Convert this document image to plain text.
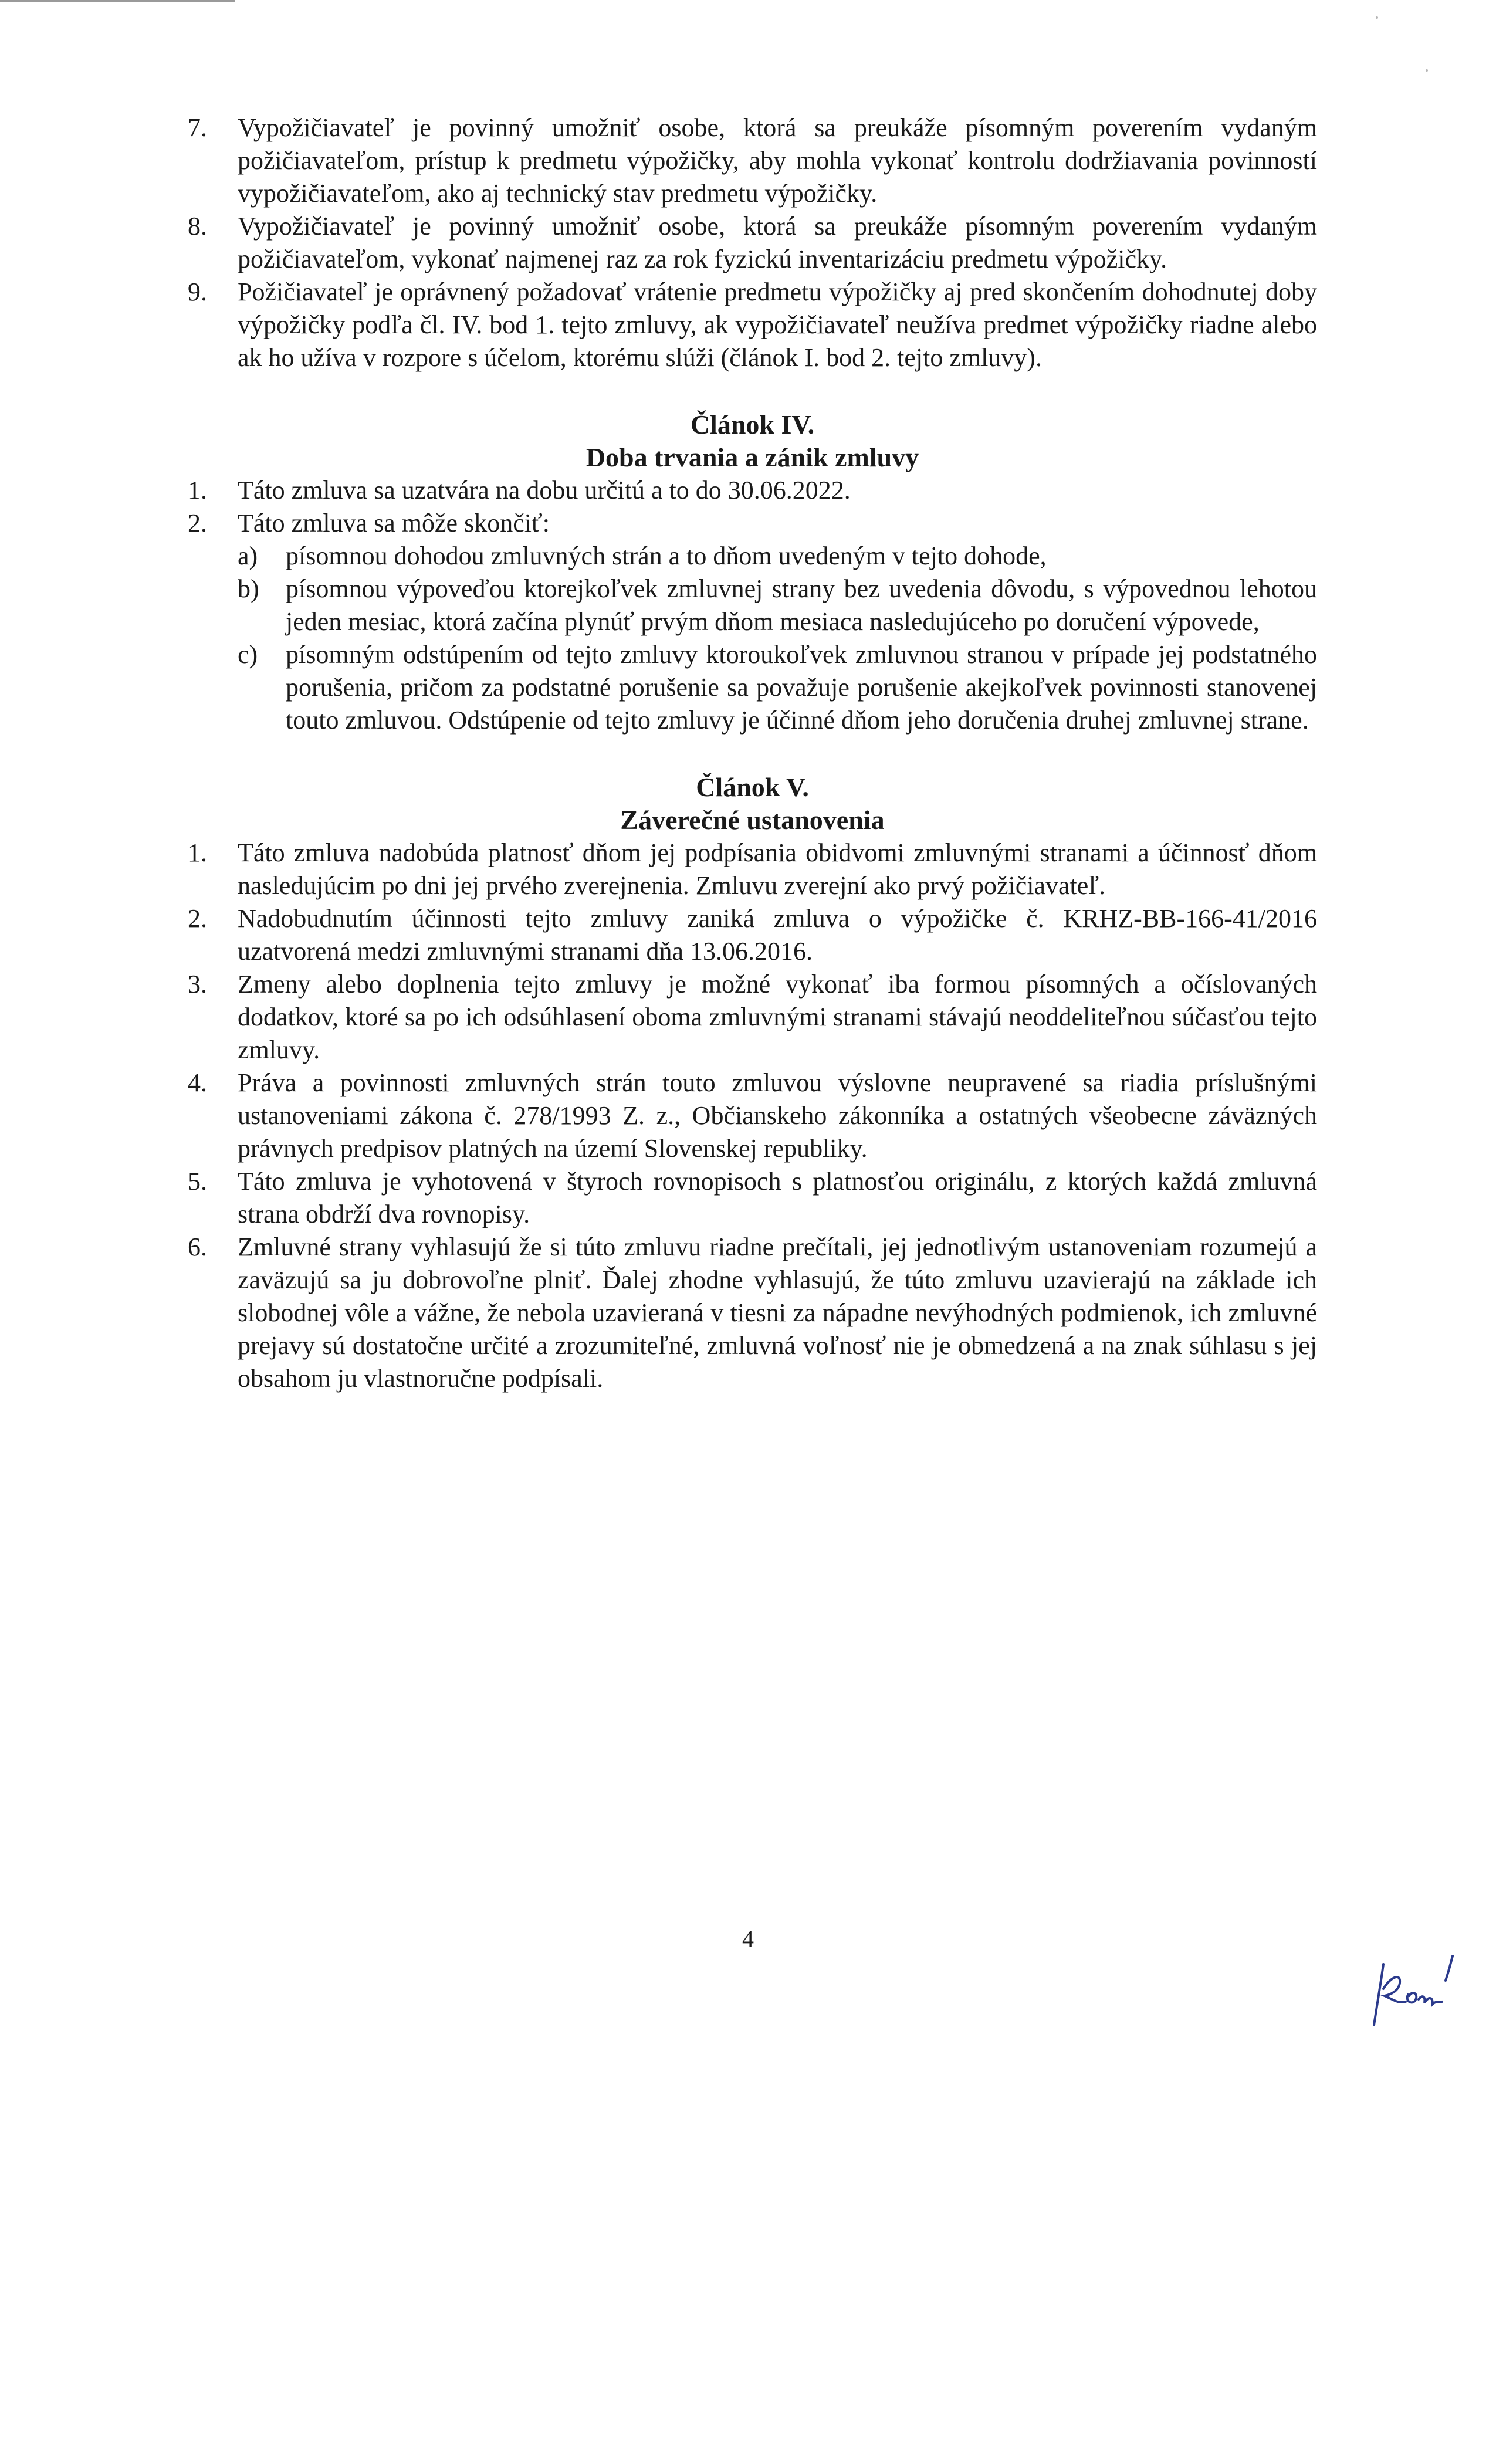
7.	Vypožičiavateľ je povinný umožniť osobe, ktorá sa preukáže písomným poverením vydaným požičiavateľom, prístup k predmetu výpožičky, aby mohla vykonať kontrolu dodržiavania povinností vypožičiavateľom, ako aj technický stav predmetu výpožičky.
8.	Vypožičiavateľ je povinný umožniť osobe, ktorá sa preukáže písomným poverením vydaným požičiavateľom, vykonať najmenej raz za rok fyzickú inventarizáciu predmetu výpožičky.
9.	Požičiavateľ je oprávnený požadovať vrátenie predmetu výpožičky aj pred skončením dohodnutej doby výpožičky podľa čl. IV. bod 1. tejto zmluvy, ak vypožičiavateľ neužíva predmet výpožičky riadne alebo ak ho užíva v rozpore s účelom, ktorému slúži (článok I. bod 2. tejto zmluvy).

Článok IV.

Doba trvania a zánik zmluvy

1.	Táto zmluva sa uzatvára na dobu určitú a to do 30.06.2022.
2.	Táto zmluva sa môže skončiť:
a) písomnou dohodou zmluvných strán a to dňom uvedeným v tejto dohode,
b) písomnou výpoveďou ktorejkoľvek zmluvnej strany bez uvedenia dôvodu, s výpovednou lehotou jeden mesiac, ktorá začína plynúť prvým dňom mesiaca nasledujúceho po doručení výpovede,
c) písomným odstúpením od tejto zmluvy ktoroukoľvek zmluvnou stranou v prípade jej podstatného porušenia, pričom za podstatné porušenie sa považuje porušenie akejkoľvek povinnosti stanovenej touto zmluvou. Odstúpenie od tejto zmluvy je účinné dňom jeho doručenia druhej zmluvnej strane.

Článok V.

Záverečné ustanovenia

1.	Táto zmluva nadobúda platnosť dňom jej podpísania obidvomi zmluvnými stranami a účinnosť dňom nasledujúcim po dni jej prvého zverejnenia. Zmluvu zverejní ako prvý požičiavateľ.
2.	Nadobudnutím účinnosti tejto zmluvy zaniká zmluva o výpožičke č. KRHZ-BB-166-41/2016 uzatvorená medzi zmluvnými stranami dňa 13.06.2016.
3.	Zmeny alebo doplnenia tejto zmluvy je možné vykonať iba formou písomných a očíslovaných dodatkov, ktoré sa po ich odsúhlasení oboma zmluvnými stranami stávajú neoddeliteľnou súčasťou tejto zmluvy.
4.	Práva a povinnosti zmluvných strán touto zmluvou výslovne neupravené sa riadia príslušnými ustanoveniami zákona č. 278/1993 Z. z., Občianskeho zákonníka a ostatných všeobecne záväzných právnych predpisov platných na území Slovenskej republiky.
5.	Táto zmluva je vyhotovená v štyroch rovnopisoch s platnosťou originálu, z ktorých každá zmluvná strana obdrží dva rovnopisy.
6.	Zmluvné strany vyhlasujú že si túto zmluvu riadne prečítali, jej jednotlivým ustanoveniam rozumejú a zaväzujú sa ju dobrovoľne plniť. Ďalej zhodne vyhlasujú, že túto zmluvu uzavierajú na základe ich slobodnej vôle a vážne, že nebola uzavieraná v tiesni za nápadne nevýhodných podmienok, ich zmluvné prejavy sú dostatočne určité a zrozumiteľné, zmluvná voľnosť nie je obmedzená a na znak súhlasu s jej obsahom ju vlastnoručne podpísali.
4
